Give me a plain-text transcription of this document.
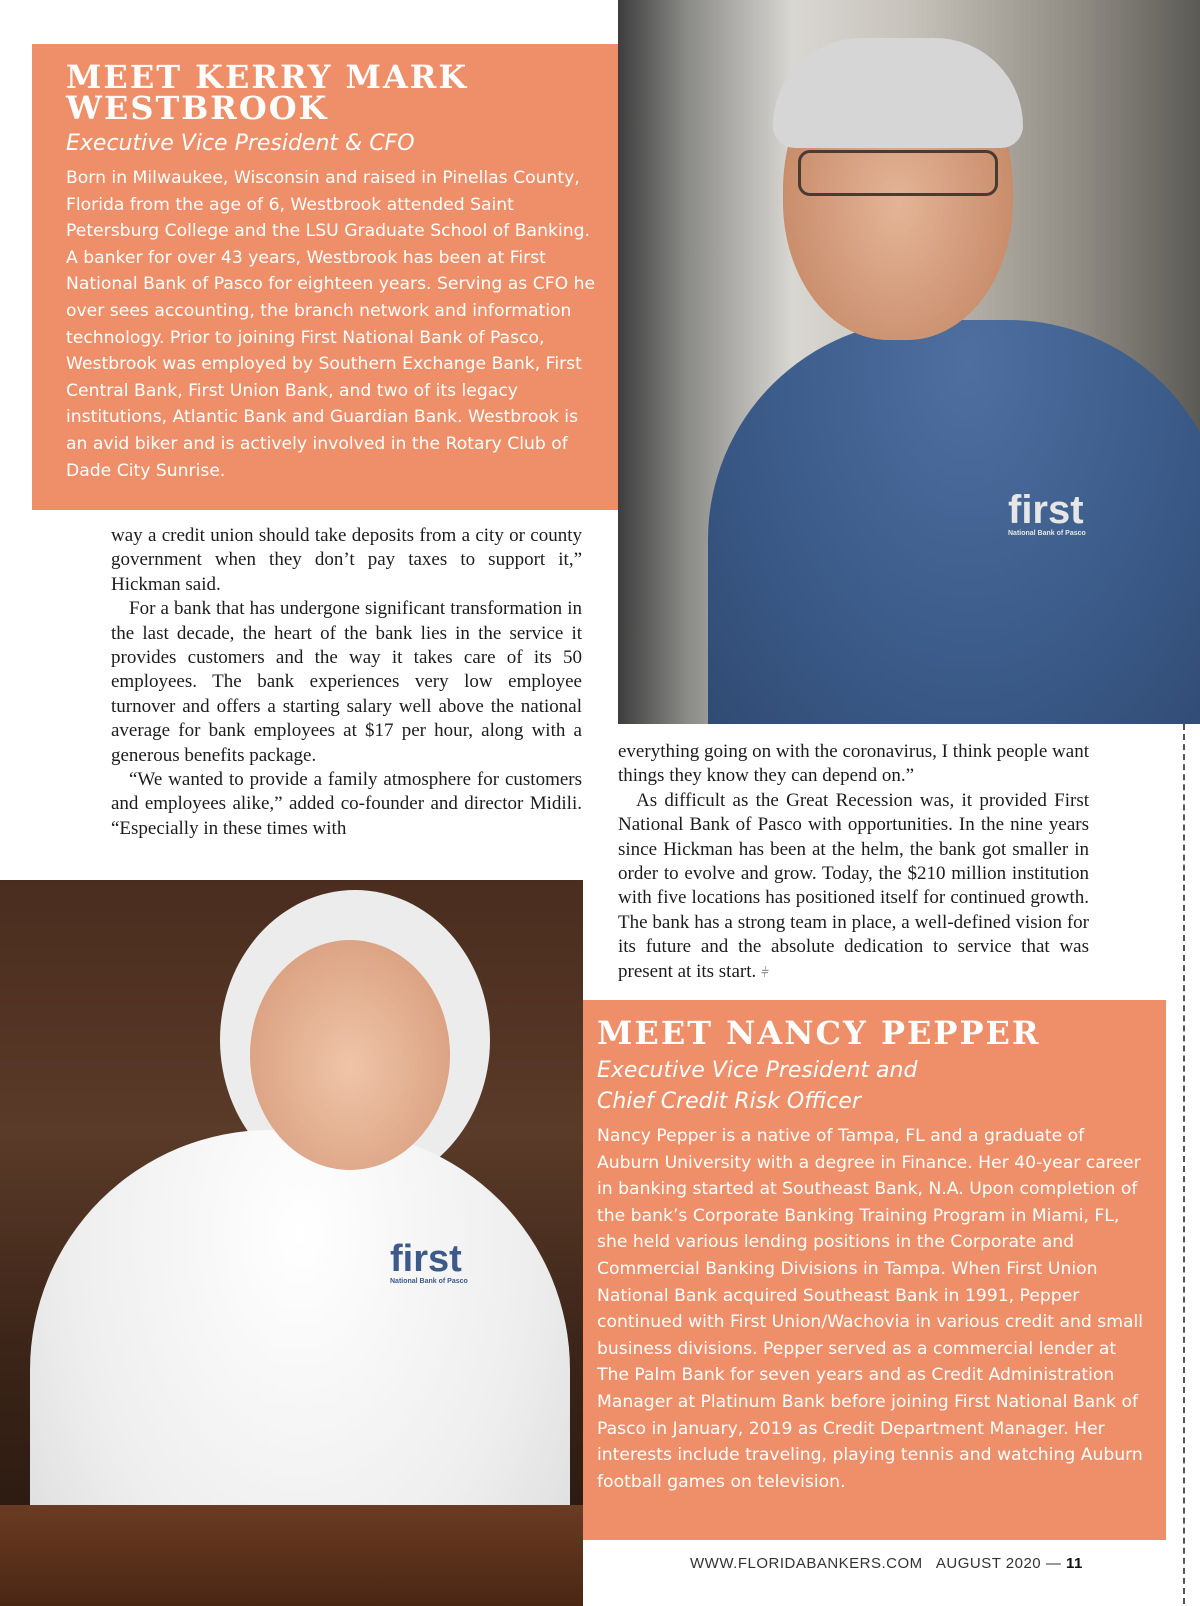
first
National Bank of Pasco
first
National Bank of Pasco
MEET KERRY MARK
WESTBROOK
Executive Vice President & CFO

Born in Milwaukee, Wisconsin and raised in Pinellas County, Florida from the age of 6, Westbrook attended Saint Petersburg College and the LSU Graduate School of Banking. A banker for over 43 years, Westbrook has been at First National Bank of Pasco for eighteen years. Serving as CFO he over sees accounting, the branch network and information technology. Prior to joining First National Bank of Pasco, Westbrook was employed by Southern Exchange Bank, First Central Bank, First Union Bank, and two of its legacy institutions, Atlantic Bank and Guardian Bank. Westbrook is an avid biker and is actively involved in the Rotary Club of Dade City Sunrise.

way a credit union should take deposits from a city or county government when they don’t pay taxes to support it,” Hickman said.

For a bank that has undergone significant transformation in the last decade, the heart of the bank lies in the service it provides customers and the way it takes care of its 50 employees. The bank experiences very low employee turnover and offers a starting salary well above the national average for bank employees at $17 per hour, along with a generous benefits package.

“We wanted to provide a family atmosphere for customers and employees alike,” added co-founder and director Midili. “Especially in these times with

everything going on with the coronavirus, I think people want things they know they can depend on.”

As difficult as the Great Recession was, it provided First National Bank of Pasco with opportunities. In the nine years since Hickman has been at the helm, the bank got smaller in order to evolve and grow. Today, the $210 million institution with five locations has positioned itself for continued growth. The bank has a strong team in place, a well-defined vision for its future and the absolute dedication to service that was present at its start. ⫩

MEET NANCY PEPPER
Executive Vice President and
Chief Credit Risk Officer

Nancy Pepper is a native of Tampa, FL and a graduate of Auburn University with a degree in Finance. Her 40-year career in banking started at Southeast Bank, N.A. Upon completion of the bank’s Corporate Banking Training Program in Miami, FL, she held various lending positions in the Corporate and Commercial Banking Divisions in Tampa. When First Union National Bank acquired Southeast Bank in 1991, Pepper continued with First Union/Wachovia in various credit and small business divisions. Pepper served as a commercial lender at The Palm Bank for seven years and as Credit Administration Manager at Platinum Bank before joining First National Bank of Pasco in January, 2019 as Credit Department Manager. Her interests include traveling, playing tennis and watching Auburn football games on television.

WWW.FLORIDABANKERS.COM AUGUST 2020 — 11
